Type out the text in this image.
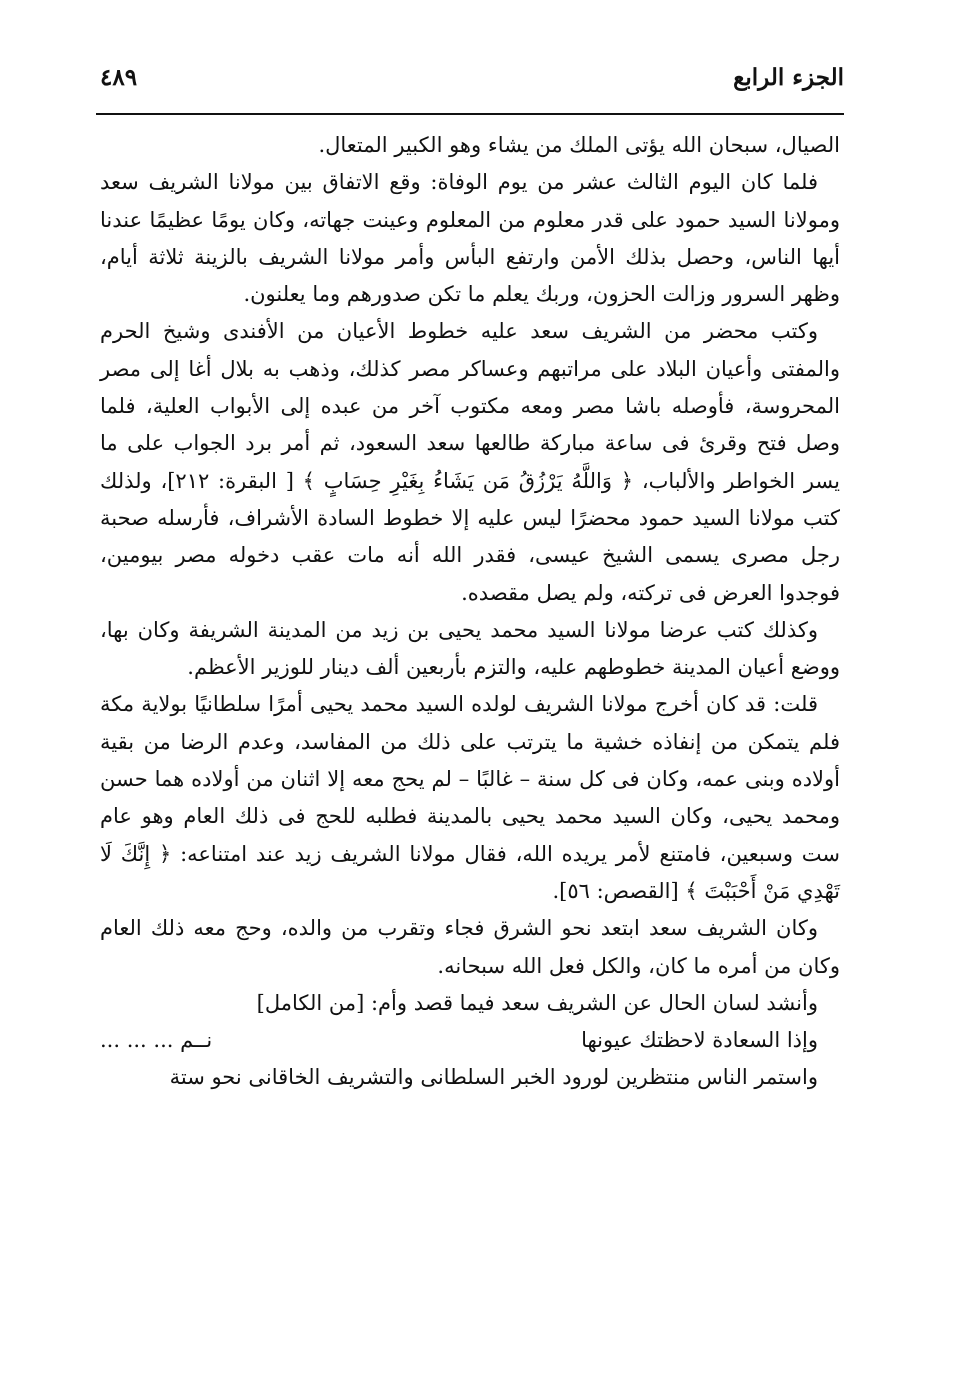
الجزء الرابع
٤٨٩

الصيال، سبحان الله يؤتى الملك من يشاء وهو الكبير المتعال.

فلما كان اليوم الثالث عشر من يوم الوفاة: وقع الاتفاق بين مولانا الشريف سعد ومولانا السيد حمود على قدر معلوم من المعلوم وعينت جهاته، وكان يومًا عظيمًا عندنا أيها الناس، وحصل بذلك الأمن وارتفع البأس وأمر مولانا الشريف بالزينة ثلاثة أيام، وظهر السرور وزالت الحزون، وربك يعلم ما تكن صدورهم وما يعلنون.

وكتب محضر من الشريف سعد عليه خطوط الأعيان من الأفندى وشيخ الحرم والمفتى وأعيان البلاد على مراتبهم وعساكر مصر كذلك، وذهب به بلال أغا إلى مصر المحروسة، فأوصله باشا مصر ومعه مكتوب آخر من عبده إلى الأبواب العلية، فلما وصل فتح وقرئ فى ساعة مباركة طالعها سعد السعود، ثم أمر برد الجواب على ما يسر الخواطر والألباب، ﴿ وَاللَّهُ يَرْزُقُ مَن يَشَاءُ بِغَيْرِ حِسَابٍ ﴾ [ البقرة: ٢١٢]، ولذلك كتب مولانا السيد حمود محضرًا ليس عليه إلا خطوط السادة الأشراف، فأرسله صحبة رجل مصرى يسمى الشيخ عيسى، فقدر الله أنه مات عقب دخوله مصر بيومين، فوجدوا العرض فى تركته، ولم يصل مقصده.

وكذلك كتب عرضا مولانا السيد محمد يحيى بن زيد من المدينة الشريفة وكان بها، ووضع أعيان المدينة خطوطهم عليه، والتزم بأربعين ألف دينار للوزير الأعظم.

قلت: قد كان أخرج مولانا الشريف لولده السيد محمد يحيى أمرًا سلطانيًا بولاية مكة فلم يتمكن من إنفاذه خشية ما يترتب على ذلك من المفاسد، وعدم الرضا من بقية أولاده وبنى عمه، وكان فى كل سنة – غالبًا – لم يحج معه إلا اثنان من أولاده هما حسن ومحمد يحيى، وكان السيد محمد يحيى بالمدينة فطلبه للحج فى ذلك العام وهو عام ست وسبعين، فامتنع لأمر يريده الله، فقال مولانا الشريف زيد عند امتناعه: ﴿ إِنَّكَ لَا تَهْدِي مَنْ أَحْبَبْتَ ﴾ [القصص: ٥٦].

وكان الشريف سعد ابتعد نحو الشرق فجاء وتقرب من والده، وحج معه ذلك العام وكان من أمره ما كان، والكل فعل الله سبحانه.

وأنشد لسان الحال عن الشريف سعد فيما قصد وأم: [من الكامل]

وإذا السعادة لاحظتك عيونها
نــم ... ... ...

واستمر الناس منتظرين لورود الخبر السلطانى والتشريف الخاقانى نحو ستة
